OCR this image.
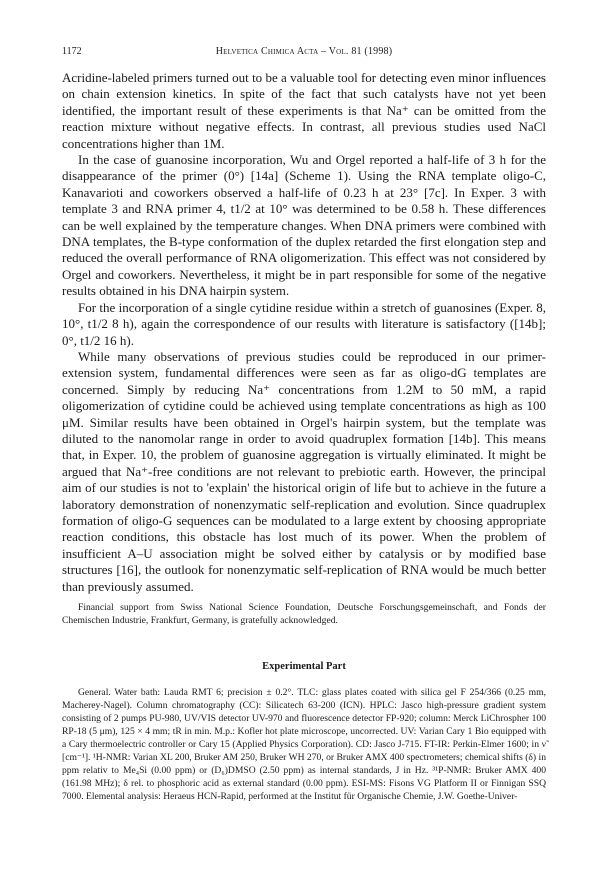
1172	Helvetica Chimica Acta – Vol. 81 (1998)

Acridine-labeled primers turned out to be a valuable tool for detecting even minor influences on chain extension kinetics. In spite of the fact that such catalysts have not yet been identified, the important result of these experiments is that Na⁺ can be omitted from the reaction mixture without negative effects. In contrast, all previous studies used NaCl concentrations higher than 1M.

In the case of guanosine incorporation, Wu and Orgel reported a half-life of 3 h for the disappearance of the primer (0°) [14a] (Scheme 1). Using the RNA template oligo-C, Kanavarioti and coworkers observed a half-life of 0.23 h at 23° [7c]. In Exper. 3 with template 3 and RNA primer 4, t1/2 at 10° was determined to be 0.58 h. These differences can be well explained by the temperature changes. When DNA primers were combined with DNA templates, the B-type conformation of the duplex retarded the first elongation step and reduced the overall performance of RNA oligomerization. This effect was not considered by Orgel and coworkers. Nevertheless, it might be in part responsible for some of the negative results obtained in his DNA hairpin system.

For the incorporation of a single cytidine residue within a stretch of guanosines (Exper. 8, 10°, t1/2 8 h), again the correspondence of our results with literature is satisfactory ([14b]; 0°, t1/2 16 h).

While many observations of previous studies could be reproduced in our primer-extension system, fundamental differences were seen as far as oligo-dG templates are concerned. Simply by reducing Na⁺ concentrations from 1.2M to 50 mM, a rapid oligomerization of cytidine could be achieved using template concentrations as high as 100 μM. Similar results have been obtained in Orgel's hairpin system, but the template was diluted to the nanomolar range in order to avoid quadruplex formation [14b]. This means that, in Exper. 10, the problem of guanosine aggregation is virtually eliminated. It might be argued that Na⁺-free conditions are not relevant to prebiotic earth. However, the principal aim of our studies is not to 'explain' the historical origin of life but to achieve in the future a laboratory demonstration of nonenzymatic self-replication and evolution. Since quadruplex formation of oligo-G sequences can be modulated to a large extent by choosing appropriate reaction conditions, this obstacle has lost much of its power. When the problem of insufficient A–U association might be solved either by catalysis or by modified base structures [16], the outlook for nonenzymatic self-replication of RNA would be much better than previously assumed.

Financial support from Swiss National Science Foundation, Deutsche Forschungsgemeinschaft, and Fonds der Chemischen Industrie, Frankfurt, Germany, is gratefully acknowledged.

Experimental Part

General. Water bath: Lauda RMT 6; precision ± 0.2°. TLC: glass plates coated with silica gel F 254/366 (0.25 mm, Macherey-Nagel). Column chromatography (CC): Silicatech 63-200 (ICN). HPLC: Jasco high-pressure gradient system consisting of 2 pumps PU-980, UV/VIS detector UV-970 and fluorescence detector FP-920; column: Merck LiChrospher 100 RP-18 (5 μm), 125 × 4 mm; tR in min. M.p.: Kofler hot plate microscope, uncorrected. UV: Varian Cary 1 Bio equipped with a Cary thermoelectric controller or Cary 15 (Applied Physics Corporation). CD: Jasco J-715. FT-IR: Perkin-Elmer 1600; in ν̃ [cm⁻¹]. ¹H-NMR: Varian XL 200, Bruker AM 250, Bruker WH 270, or Bruker AMX 400 spectrometers; chemical shifts (δ) in ppm relativ to Me₄Si (0.00 ppm) or (D₆)DMSO (2.50 ppm) as internal standards, J in Hz. ³¹P-NMR: Bruker AMX 400 (161.98 MHz); δ rel. to phosphoric acid as external standard (0.00 ppm). ESI-MS: Fisons VG Platform II or Finnigan SSQ 7000. Elemental analysis: Heraeus HCN-Rapid, performed at the Institut für Organische Chemie, J.W. Goethe-Univer-
